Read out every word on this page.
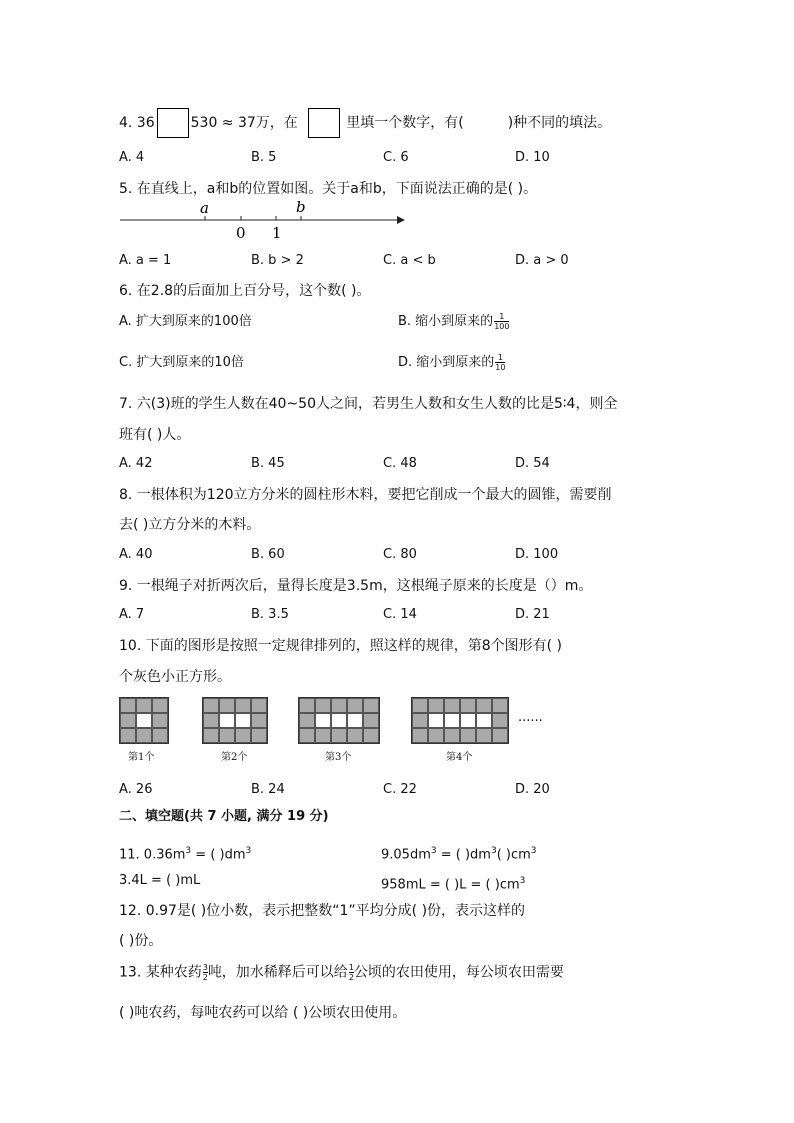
4. 36	530 ≈ 37万，在	里填一个数字，有(	)种不同的填法。
A. 4	B. 5	C. 6	D. 10
5. 在直线上，a和b的位置如图。关于a和b，下面说法正确的是( )。
a	b
0 1
A. a = 1	B. b > 2	C. a < b	D. a > 0
6. 在2.8的后面加上百分号，这个数( )。
A. 扩大到原来的100倍	B. 缩小到原来的 $\frac{1}{100}$
C. 扩大到原来的10倍	D. 缩小到原来的 $\frac{1}{10}$
7. 六(3)班的学生人数在40~50人之间，若男生人数和女生人数的比是5∶4，则全
班有( )人。
A. 42	B. 45	C. 48	D. 54
8. 一根体积为120立方分米的圆柱形木料，要把它削成一个最大的圆锥，需要削
去( )立方分米的木料。
A. 40	B. 60	C. 80	D. 100
9. 一根绳子对折两次后，量得长度是3.5m，这根绳子原来的长度是（）m。
A. 7	B. 3.5	C. 14	D. 21
10. 下面的图形是按照一定规律排列的，照这样的规律，第8个图形有( )
个灰色小正方形。
......
第1个	第2个	第3个	第4个
A. 26	B. 24	C. 22	D. 20
二、填空题(共 7 小题, 满分 19 分)
11. $0.36m^3$ = ( )$dm^3$	$9.05dm^3$ = ( )$dm^3$( )$cm^3$
3.4L = ( )mL	958mL = ( )L = ( )$cm^3$
12. 0.97是( )位小数，表示把整数“1”平均分成( )份，表示这样的
( )份。
13. 某种农药 $\frac{3}{2}$ 吨，加水稀释后可以给 $\frac{1}{2}$ 公顷的农田使用，每公顷农田需要
( )吨农药，每吨农药可以给 ( )公顷农田使用。
